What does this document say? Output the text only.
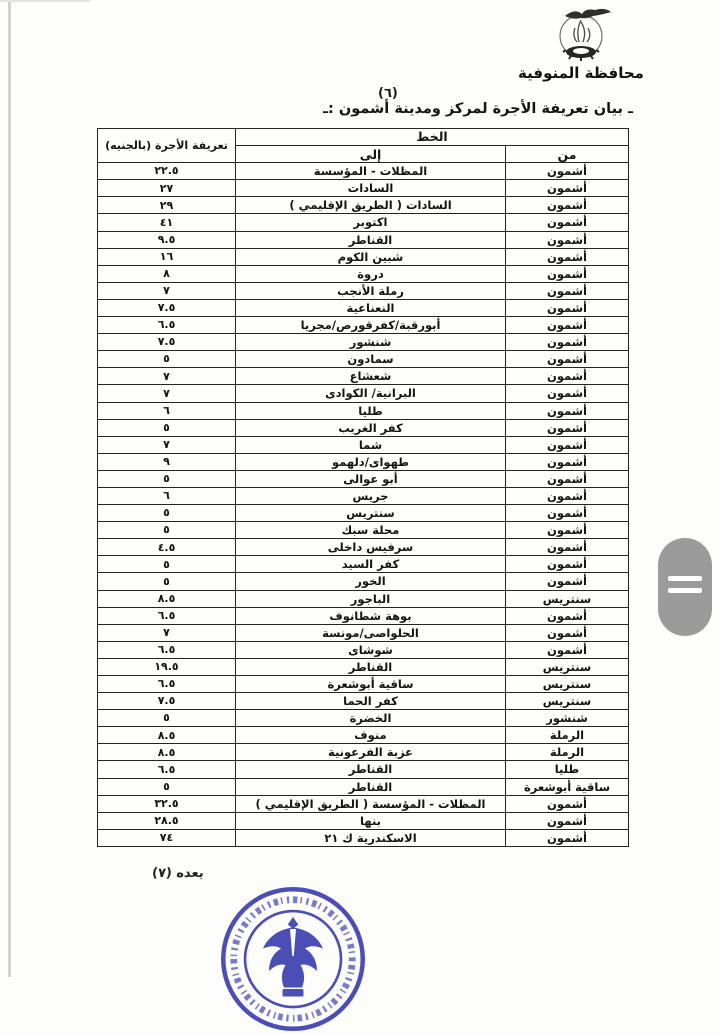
محافظة المنوفية
(٦)
ـ بيان تعريفة الأجرة لمركز ومدينة أشمون :ـ
الخط		تعريفة الأجرة (بالجنيه)
من	إلى	
أشمون	المظلات - المؤسسة	٢٢.٥
أشمون	السادات	٢٧
أشمون	السادات ( الطريق الإقليمي )	٢٩
أشمون	اكتوبر	٤١
أشمون	القناطر	٩.٥
أشمون	شبين الكوم	١٦
أشمون	دروة	٨
أشمون	رملة الأنجب	٧
أشمون	النعناعية	٧.٥
أشمون	أبورقبة/كفرقورص/مجريا	٦.٥
أشمون	شنشور	٧.٥
أشمون	سمادون	٥
أشمون	شعشاع	٧
أشمون	البرانية/ الكوادى	٧
أشمون	طليا	٦
أشمون	كفر الغريب	٥
أشمون	شما	٧
أشمون	طهواى/دلهمو	٩
أشمون	أبو عوالى	٥
أشمون	جريس	٦
أشمون	سنتريس	٥
أشمون	محلة سبك	٥
أشمون	سرفيس داخلى	٤.٥
أشمون	كفر السيد	٥
أشمون	الخور	٥
سنتريس	الباجور	٨.٥
أشمون	بوهة شطانوف	٦.٥
أشمون	الحلواصى/مونسة	٧
أشمون	شوشاى	٦.٥
سنتريس	القناطر	١٩.٥
سنتريس	ساقية أبوشعرة	٦.٥
سنتريس	كفر الحما	٧.٥
شنشور	الخضرة	٥
الرملة	منوف	٨.٥
الرملة	عزبة الفرعونية	٨.٥
طليا	القناطر	٦.٥
ساقية أبوشعرة	القناطر	٥
أشمون	المظلات - المؤسسة ( الطريق الإقليمي )	٣٢.٥
أشمون	بنها	٢٨.٥
أشمون	الاسكندرية ك ٢١	٧٤
يعده (٧)
